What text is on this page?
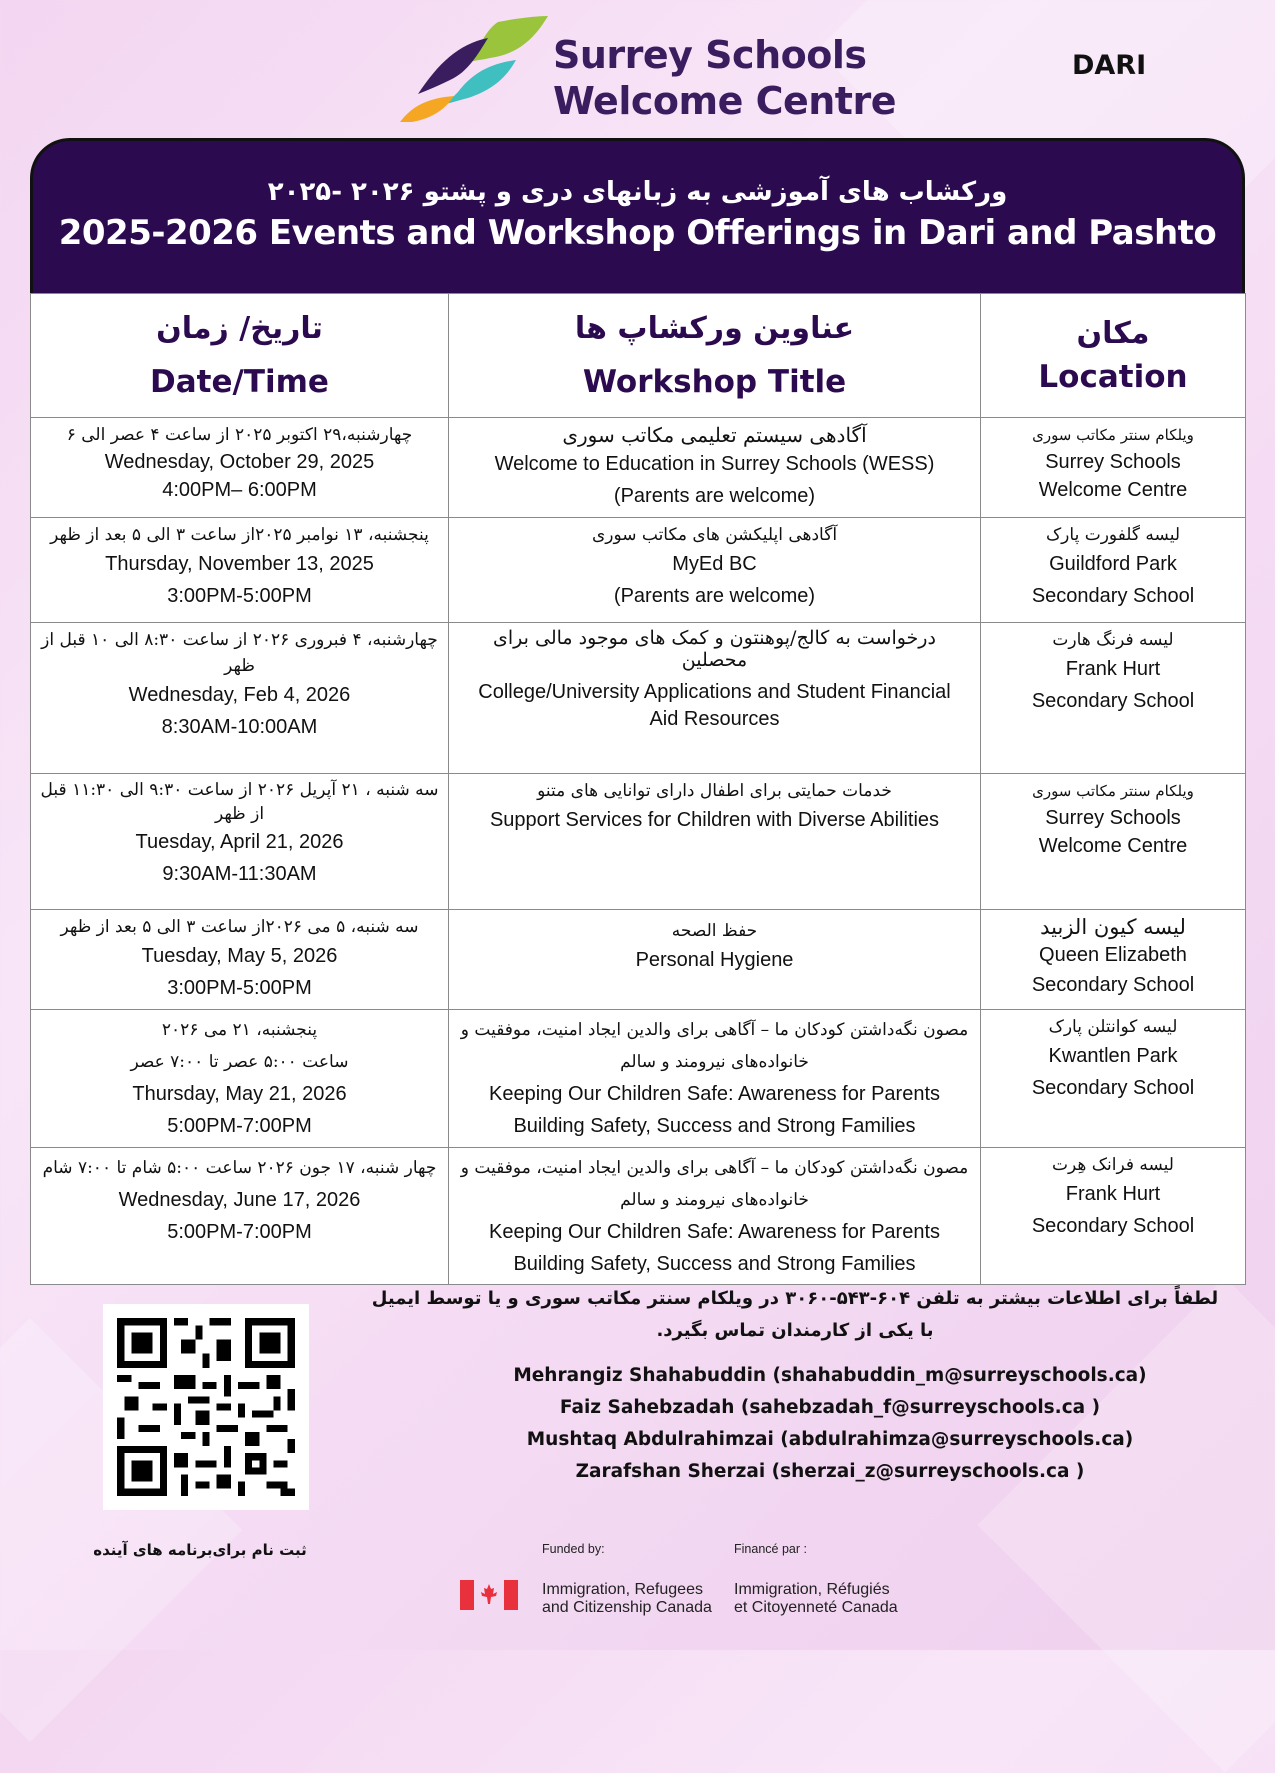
Surrey Schools
Welcome Centre
DARI
ورکشاب های آموزشی به زبانهای دری و پشتو ۲۰۲۶ -۲۰۲۵
2025-2026 Events and Workshop Offerings in Dari and Pashto
تاریخ/ زمان
Date/Time	عناوین ورکشاپ ها
Workshop Title	مکان
Location

چهارشنبه،۲۹ اکتوبر ۲۰۲۵ از ساعت ۴ عصر الی ۶
Wednesday, October 29, 2025
4:00PM– 6:00PM	آگادهی سیستم تعلیمی مکاتب سوری
Welcome to Education in Surrey Schools (WESS)
(Parents are welcome)	ویلکام سنتر مکاتب سوری
Surrey Schools
Welcome Centre

پنجشنبه، ۱۳ نوامبر ۲۰۲۵از ساعت ۳ الی ۵ بعد از ظهر
Thursday, November 13, 2025
3:00PM-5:00PM	آگادهی اپلیکشن های مکاتب سوری
MyEd BC
(Parents are welcome)	لیسه گلفورت پارک
Guildford Park
Secondary School

چهارشنبه، ۴ فبروری ۲۰۲۶ از ساعت ۸:۳۰ الی ۱۰ قبل از ظهر
Wednesday, Feb 4, 2026
8:30AM-10:00AM	درخواست به کالج/پوهنتون و کمک های موجود مالی برای محصلین
College/University Applications and Student Financial Aid Resources	لیسه فرنگ هارت
Frank Hurt
Secondary School

سه شنبه ، ۲۱ آپریل ۲۰۲۶ از ساعت ۹:۳۰ الی ۱۱:۳۰ قبل از ظهر
Tuesday, April 21, 2026
9:30AM-11:30AM	خدمات حمایتی برای اطفال دارای توانایی های متنو
Support Services for Children with Diverse Abilities	ویلکام سنتر مکاتب سوری
Surrey Schools
Welcome Centre

سه شنبه، ۵ می ۲۰۲۶از ساعت ۳ الی ۵ بعد از ظهر
Tuesday, May 5, 2026
3:00PM-5:00PM	حفظ الصحه
Personal Hygiene	لیسه کیون الزبید
Queen Elizabeth
Secondary School

پنجشنبه، ۲۱ می ۲۰۲۶
ساعت ۵:۰۰ عصر تا ۷:۰۰ عصر
Thursday, May 21, 2026
5:00PM-7:00PM	مصون نگه‌داشتن کودکان ما – آگاهی برای والدین ایجاد امنیت، موفقیت و خانواده‌های نیرومند و سالم
Keeping Our Children Safe: Awareness for Parents
Building Safety, Success and Strong Families	لیسه کوانتلن پارک
Kwantlen Park
Secondary School

چهار شنبه، ۱۷ جون ۲۰۲۶ ساعت ۵:۰۰ شام تا ۷:۰۰ شام
Wednesday, June 17, 2026
5:00PM-7:00PM	مصون نگه‌داشتن کودکان ما – آگاهی برای والدین ایجاد امنیت، موفقیت و خانواده‌های نیرومند و سالم
Keeping Our Children Safe: Awareness for Parents
Building Safety, Success and Strong Families	لیسه فرانک هِرت
Frank Hurt
Secondary School
لطفاً برای اطلاعات بیشتر به تلفن ۶۰۴-۵۴۳-۳۰۶۰ در ویلکام سنتر مکاتب سوری و یا توسط ایمیل با یکی از کارمندان تماس بگیرد.
Mehrangiz Shahabuddin (shahabuddin_m@surreyschools.ca)
Faiz Sahebzadah (sahebzadah_f@surreyschools.ca )
Mushtaq Abdulrahimzai (abdulrahimza@surreyschools.ca)
Zarafshan Sherzai (sherzai_z@surreyschools.ca )
ثبت نام برای‌برنامه های آینده	Funded by:	Financé par :
Immigration, Refugees
and Citizenship Canada
Immigration, Réfugiés
et Citoyenneté Canada
